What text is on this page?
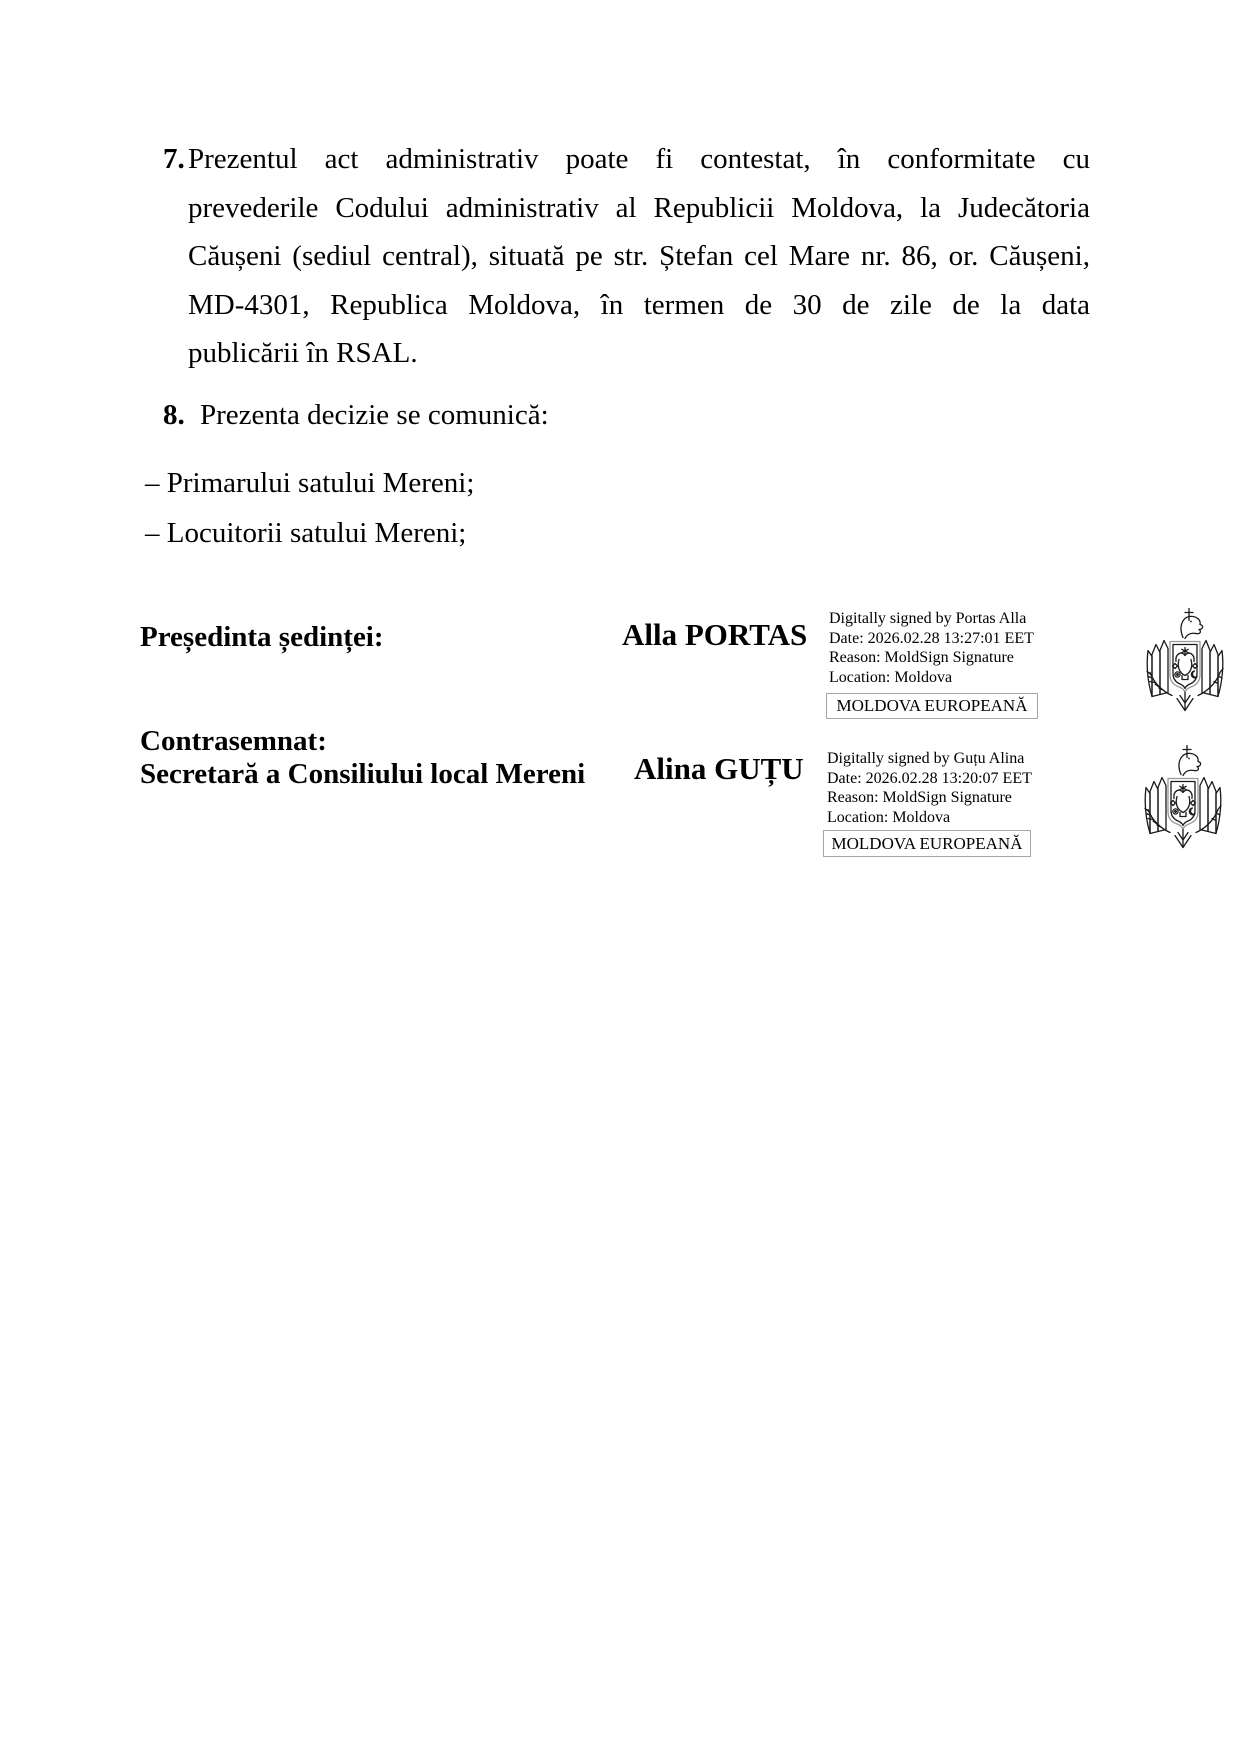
7. Prezentul act administrativ poate fi contestat, în conformitate cu
prevederile Codului administrativ al Republicii Moldova, la Judecătoria
Căușeni (sediul central), situată pe str. Ștefan cel Mare nr. 86, or. Căușeni,
MD-4301, Republica Moldova, în termen de 30 de zile de la data
publicării în RSAL.
8. Prezenta decizie se comunică:
– Primarului satului Mereni;
– Locuitorii satului Mereni;
Președinta ședinței:	Alla PORTAS Digitally signed by Portas Alla
Date: 2026.02.28 13:27:01 EET
Reason: MoldSign Signature
Location: Moldova
MOLDOVA EUROPEANĂ
Contrasemnat:
Secretară a Consiliului local Mereni Alina GUȚU Digitally signed by Guțu Alina
Date: 2026.02.28 13:20:07 EET
Reason: MoldSign Signature
Location: Moldova
MOLDOVA EUROPEANĂ
